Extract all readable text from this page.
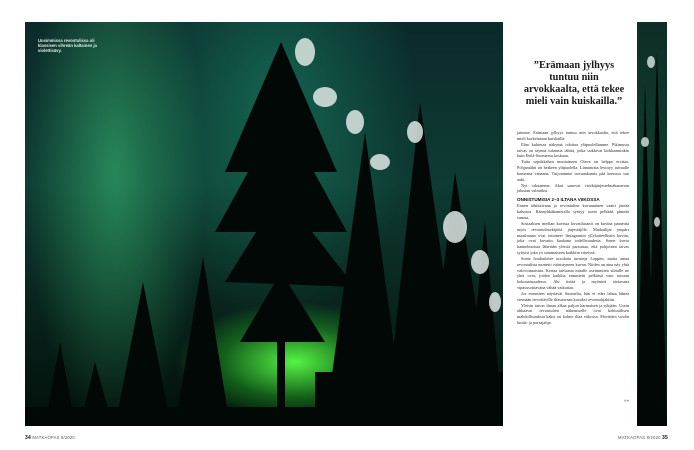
Uusimmissa revontulissa oli klassisen vihreän kaltainen ja violettisävy.
”Erämaan jylhyys tuntuu niin arvokkaalta, että tekee mieli vain kuiskailla.”

jaimme. Erämaan jylhyys tuntuu niin arvokkaalta, että tekee mieli korkeintaan kuiskailla.

Illan kuluessa näkymä odottaa yläpuolellamme. Pikimusta taivas on täynnä tuhansia tähtiä, jotka taikkivat kirkkaaminkin kuin Etelä-Suomessa koskaan.

Tuttu sopukkahan muotoineen Otava on helppo erottaa. Pohjantähti on hetkeen yläpuolella. Linnunrata levittyy taivaalle komeana vanaana. Tuijotamme taivaankantta pää kenossa suu auki.

Nyt odotamme. Akut sanovat viritkäjärjestelmäkameran jalustan valmiiksi.

ONNISTUMISIA 2–3 ILTANA VIIKOSSA

Ennen tähtitaivaan ja revontulien kuvaaminen vaatii järeää kalustoa. Kännykkäkameralla syntyy usein pelkkää pimeää sumua.

Sosiaalisen median kuvissa kuvatilasanii on kuvina paineitta myös revontulistekijöitä järjestäjille. Matkailijat ympäri maailmaan ovat tottuneet Instagramin yllykatteellisiin kuviin, joka ovat kuvattu kaukana todellisuudesta. Some kuvia kannelmoissa lähetään yleistä parsintaa, että pohjoinen taivas syttyisi joka yö satumaiseen kaikkiin väreissä.

Some houkuttelee ursulatta turisteja Lappiin, mutta antaa revontulista monesti vääristyneen kuvan. Niiden on aina näy yhtä valovoimaisina. Kertaa taivaasta mitalle useimmiten silmille ne yhtä ovat, joiden kaikkia ennustetti pelkässä vain taivaan kokonaisuudessa. Ahi tietää ja myönteä otetavana vipaussoittavana vähää vaikuttaa.

Jos ennusteet näyttävät Suomelta, hän ei edes lahua lähteä viemään tervettäville iltasuoraan kuvaksi revontulijahtiin.

Yleisin taivas ilman alkaa paljon harmaisen ja tyhjään. Usein uhkaavat revontulien näkemiselle ovat kohtuullisen mahdollisuuksia kaksi tai kolme iltaa viikossa. Päivittäin voidin luoda- ja porsajahja.

»»
34 MATKAOPAS 8/2020	MATKAOPAS 8/2020 35
